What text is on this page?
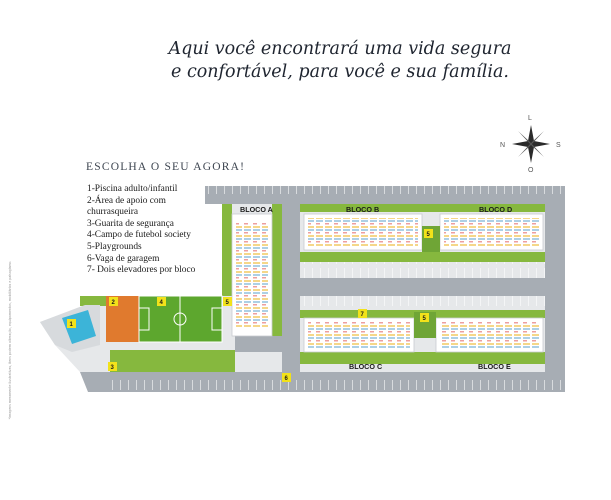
Aqui você encontrará uma vida segura
e confortável, para você e sua família.
ESCOLHA O SEU AGORA!
1-Piscina adulto/infantil
2-Área de apoio com
churrasqueira
3-Guarita de segurança
4-Campo de futebol society
5-Playgrounds
6-Vaga de garagem
7- Dois elevadores por bloco
*Imagens meramente ilustrativas, itens podem alteração, equipamentos, mobiliários e paisagismo.
L
N	S
O
BLOCO A	BLOCO B	BLOCO D
BLOCO C	BLOCO E
1
2	4	5
5
5
7
3
6
